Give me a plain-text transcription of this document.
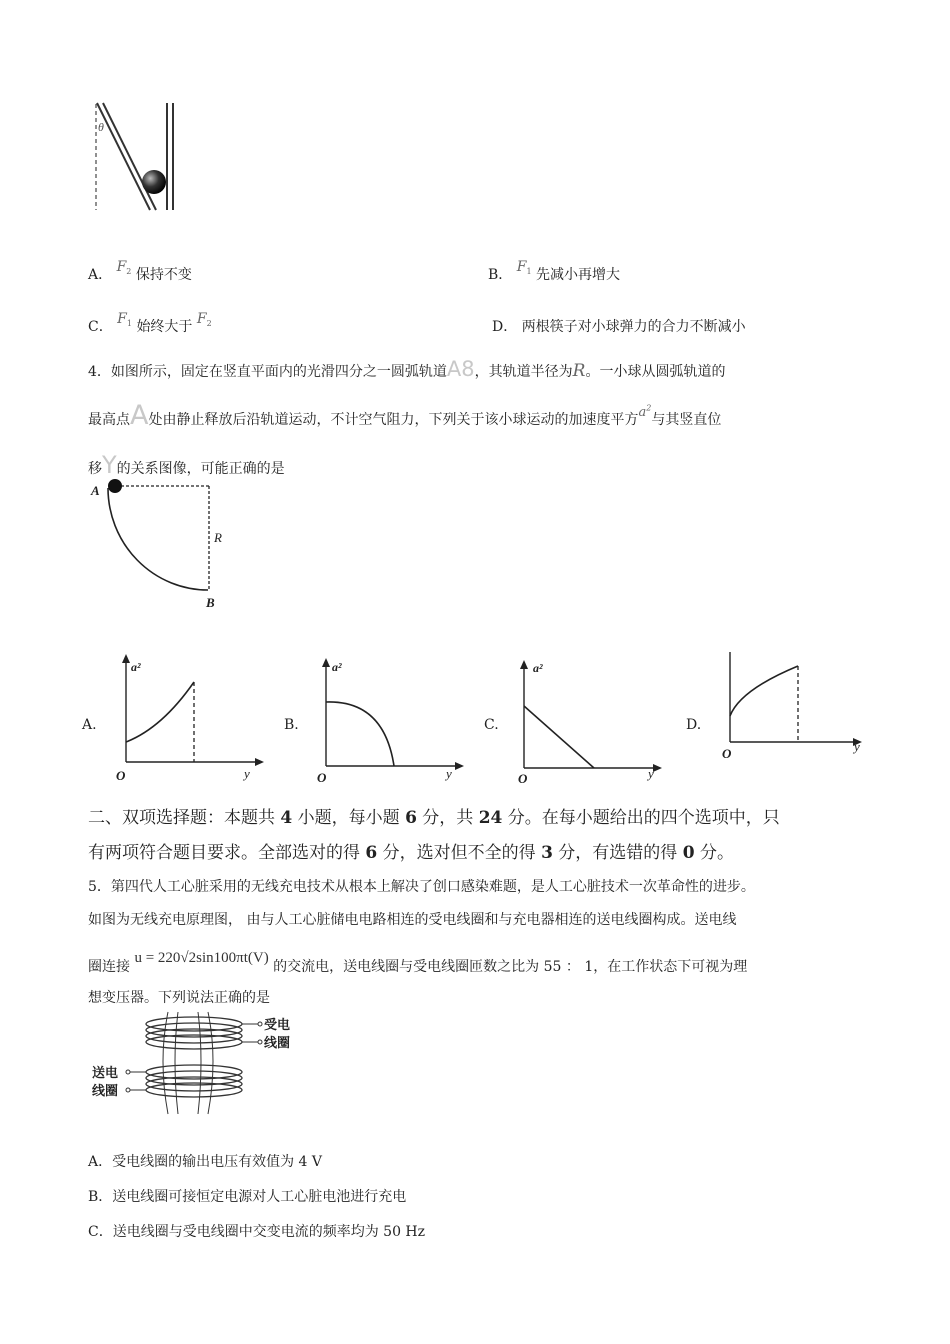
θ
A． $F_2$ 保持不变	B． $F_1$ 先减小再增大
C． $F_1$ 始终大于 $F_2$	D． 两根筷子对小球弹力的合力不断减小
4．如图所示，固定在竖直平面内的光滑四分之一圆弧轨道A8，其轨道半径为R。一小球从圆弧轨道的
最高点A处由静止释放后沿轨道运动，不计空气阻力，下列关于该小球运动的加速度平方$a^2$与其竖直位
移Y的关系图像，可能正确的是
A
R
B
A.
a²
O	y
B.
a²
O	y
C.
a²
O	y
D.
O	y
二、双项选择题：本题共 4 小题，每小题 6 分，共 24 分。在每小题给出的四个选项中，只
有两项符合题目要求。全部选对的得 6 分，选对但不全的得 3 分，有选错的得 0 分。
5．第四代人工心脏采用的无线充电技术从根本上解决了创口感染难题，是人工心脏技术一次革命性的进步。
如图为无线充电原理图， 由与人工心脏储电电路相连的受电线圈和与充电器相连的送电线圈构成。送电线
圈连接 u = 220√2sin100πt(V) 的交流电，送电线圈与受电线圈匝数之比为 55 ： 1，在工作状态下可视为理
想变压器。下列说法正确的是
受电
线圈
送电
线圈
A．受电线圈的输出电压有效值为 4 V
B．送电线圈可接恒定电源对人工心脏电池进行充电
C．送电线圈与受电线圈中交变电流的频率均为 50 Hz
